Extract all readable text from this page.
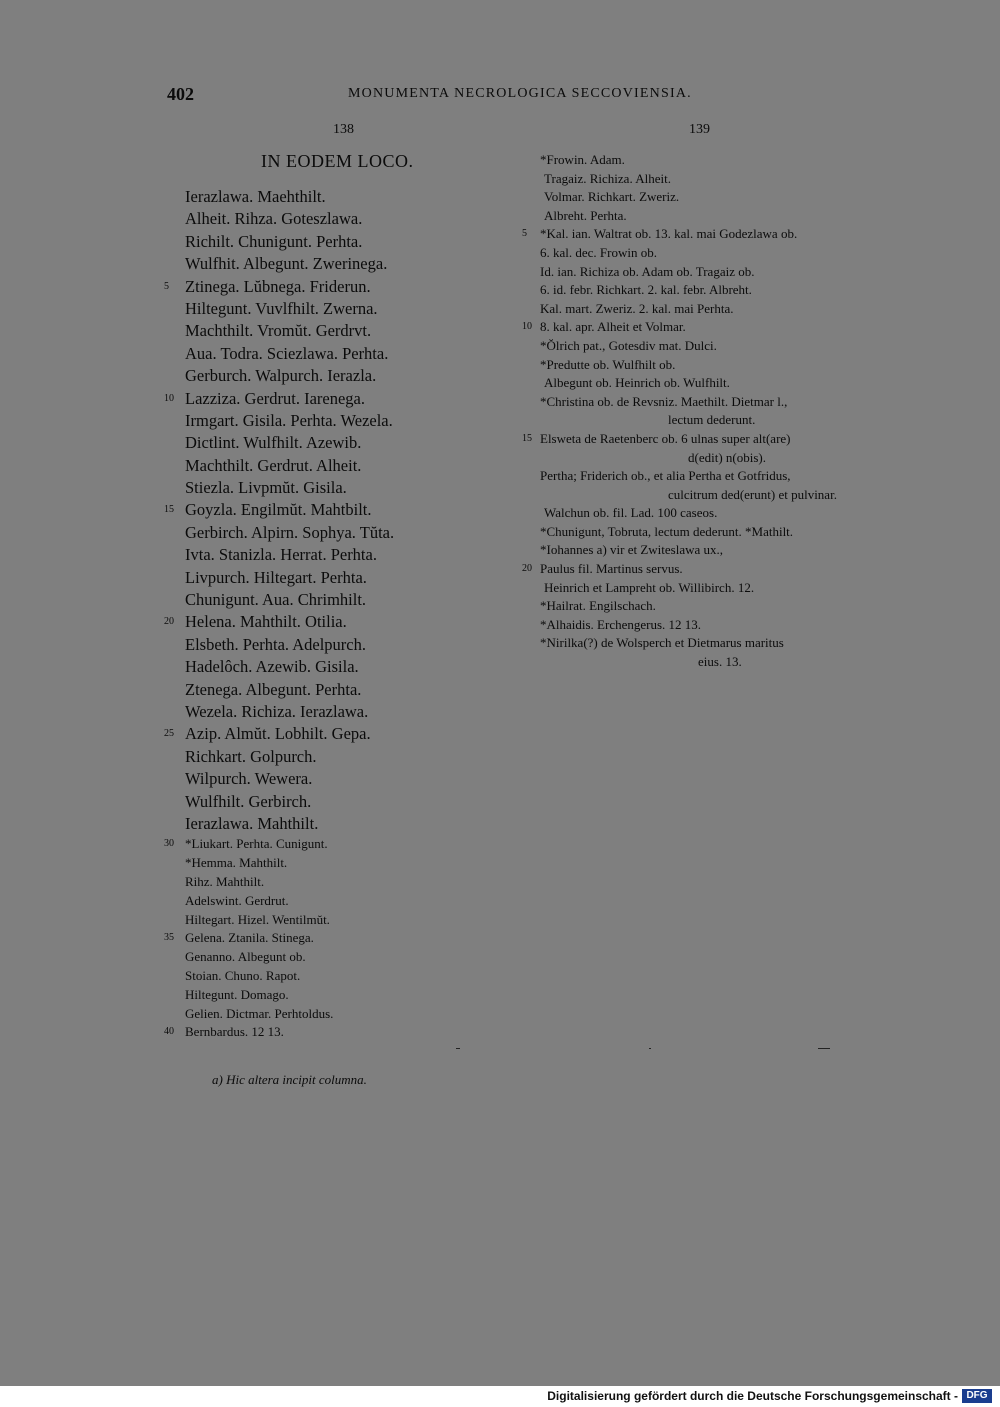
402	MONUMENTA NECROLOGICA SECCOVIENSIA.
138	139
IN EODEM LOCO.
Ierazlawa. Maehthilt.
Alheit. Rihza. Goteszlawa.
Richilt. Chunigunt. Perhta.
Wulfhit. Albegunt. Zwerinega.
5 Ztinega. Lŭbnega. Friderun.
Hiltegunt. Vuvlfhilt. Zwerna.
Machthilt. Vromŭt. Gerdrvt.
Aua. Todra. Sciezlawa. Perhta.
Gerburch. Walpurch. Ierazla.
10 Lazziza. Gerdrut. Iarenega.
Irmgart. Gisila. Perhta. Wezela.
Dictlint. Wulfhilt. Azewib.
Machthilt. Gerdrut. Alheit.
Stiezla. Livpmŭt. Gisila.
15 Goyzla. Engilmŭt. Mahtbilt.
Gerbirch. Alpirn. Sophya. Tŭta.
Ivta. Stanizla. Herrat. Perhta.
Livpurch. Hiltegart. Perhta.
Chunigunt. Aua. Chrimhilt.
20 Helena. Mahthilt. Otilia.
Elsbeth. Perhta. Adelpurch.
Hadelôch. Azewib. Gisila.
Ztenega. Albegunt. Perhta.
Wezela. Richiza. Ierazlawa.
25 Azip. Almŭt. Lobhilt. Gepa.
Richkart. Golpurch.
Wilpurch. Wewera.
Wulfhilt. Gerbirch.
Ierazlawa. Mahthilt.
30 *Liukart. Perhta. Cunigunt.
*Hemma. Mahthilt.
Rihz. Mahthilt.
Adelswint. Gerdrut.
Hiltegart. Hizel. Wentilmŭt.
35 Gelena. Ztanila. Stinega.
Genanno. Albegunt ob.
Stoian. Chuno. Rapot.
Hiltegunt. Domago.
Gelien. Dictmar. Perhtoldus.
40 Bernbardus. 12 13.
*Frowin. Adam.
Tragaiz. Richiza. Alheit.
Volmar. Richkart. Zweriz.
Albreht. Perhta.
5 *Kal. ian. Waltrat ob. 13. kal. mai Godezlawa ob.
6. kal. dec. Frowin ob.
Id. ian. Richiza ob. Adam ob. Tragaiz ob.
6. id. febr. Richkart. 2. kal. febr. Albreht.
Kal. mart. Zweriz. 2. kal. mai Perhta.
10 8. kal. apr. Alheit et Volmar.
*Ŏlrich pat., Gotesdiv mat. Dulci.
*Predutte ob. Wulfhilt ob.
Albegunt ob. Heinrich ob. Wulfhilt.
*Christina ob. de Revsniz. Maethilt. Dietmar l.,
lectum dederunt.
15 Elsweta de Raetenberc ob. 6 ulnas super alt(are)
d(edit) n(obis).
Pertha; Friderich ob., et alia Pertha et Gotfridus,
culcitrum ded(erunt) et pulvinar.
Walchun ob. fil. Lad. 100 caseos.
*Chunigunt, Tobruta, lectum dederunt. *Mathilt.
*Iohannes a) vir et Zwiteslawa ux.,
20 Paulus fil. Martinus servus.
Heinrich et Lampreht ob. Willibirch. 12.
*Hailrat. Engilschach.
*Alhaidis. Erchengerus. 12 13.
*Nirilka(?) de Wolsperch et Dietmarus maritus
eius. 13.
a) Hic altera incipit columna.
Digitalisierung gefördert durch die Deutsche Forschungsgemeinschaft - DFG
